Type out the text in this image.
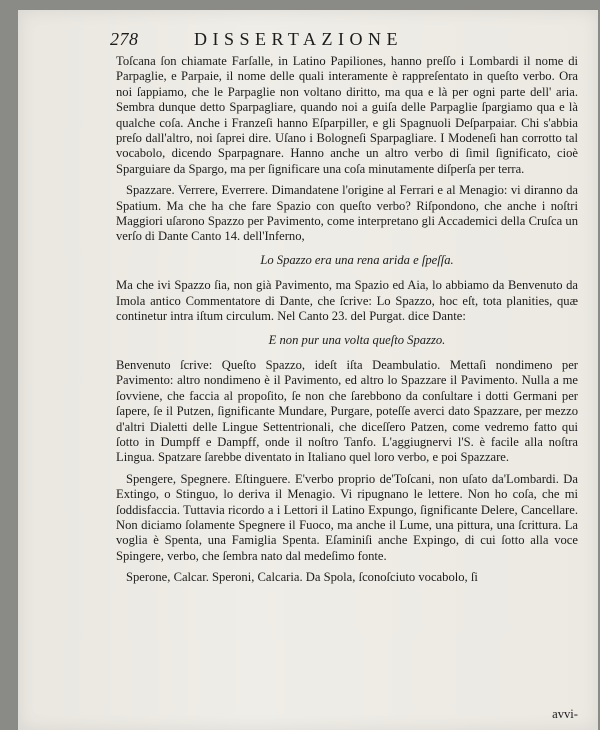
278	DISSERTAZIONE

Toſcana ſon chiamate Farſalle, in Latino Papiliones, hanno preſſo i Lombardi il nome di Parpaglie, e Parpaie, il nome delle quali interamente è rappreſentato in queſto verbo. Ora noi ſappiamo, che le Parpaglie non voltano diritto, ma qua e là per ogni parte dell' aria. Sembra dunque detto Sparpagliare, quando noi a guiſa delle Parpaglie ſpargiamo qua e là qualche coſa. Anche i Franzeſi hanno Eſparpiller, e gli Spagnuoli Deſparpaiar. Chi s'abbia preſo dall'altro, noi ſaprei dire. Uſano i Bologneſi Sparpagliare. I Modeneſi han corrotto tal vocabolo, dicendo Sparpagnare. Hanno anche un altro verbo di ſimil ſignificato, cioè Sparguiare da Spargo, ma per ſignificare una coſa minutamente diſperſa per terra.

Spazzare. Verrere, Everrere. Dimandatene l'origine al Ferrari e al Menagio: vi diranno da Spatium. Ma che ha che fare Spazio con queſto verbo? Riſpondono, che anche i noſtri Maggiori uſarono Spazzo per Pavimento, come interpretano gli Accademici della Cruſca un verſo di Dante Canto 14. dell'Inferno,

Lo Spazzo era una rena arida e ſpeſſa.

Ma che ivi Spazzo ſia, non già Pavimento, ma Spazio ed Aia, lo abbiamo da Benvenuto da Imola antico Commentatore di Dante, che ſcrive: Lo Spazzo, hoc eſt, tota planities, quæ continetur intra iſtum circulum. Nel Canto 23. del Purgat. dice Dante:

E non pur una volta queſto Spazzo.

Benvenuto ſcrive: Queſto Spazzo, ideſt iſta Deambulatio. Mettaſi nondimeno per Pavimento: altro nondimeno è il Pavimento, ed altro lo Spazzare il Pavimento. Nulla a me ſovviene, che faccia al propoſito, ſe non che ſarebbono da conſultare i dotti Germani per ſapere, ſe il Putzen, ſignificante Mundare, Purgare, poteſſe averci dato Spazzare, per mezzo d'altri Dialetti delle Lingue Settentrionali, che diceſſero Patzen, come vedremo fatto qui ſotto in Dumpff e Dampff, onde il noſtro Tanfo. L'aggiugnervi l'S. è facile alla noſtra Lingua. Spatzare ſarebbe diventato in Italiano quel loro verbo, e poi Spazzare.

Spengere, Spegnere. Eſtinguere. E'verbo proprio de'Toſcani, non uſato da'Lombardi. Da Extingo, o Stinguo, lo deriva il Menagio. Vi ripugnano le lettere. Non ho coſa, che mi ſoddisfaccia. Tuttavia ricordo a i Lettori il Latino Expungo, ſignificante Delere, Cancellare. Non diciamo ſolamente Spegnere il Fuoco, ma anche il Lume, una pittura, una ſcrittura. La voglia è Spenta, una Famiglia Spenta. Eſaminiſi anche Expingo, di cui ſotto alla voce Spingere, verbo, che ſembra nato dal medeſimo fonte.

Sperone, Calcar. Speroni, Calcaria. Da Spola, ſconoſciuto vocabolo, ſi

avvi-
